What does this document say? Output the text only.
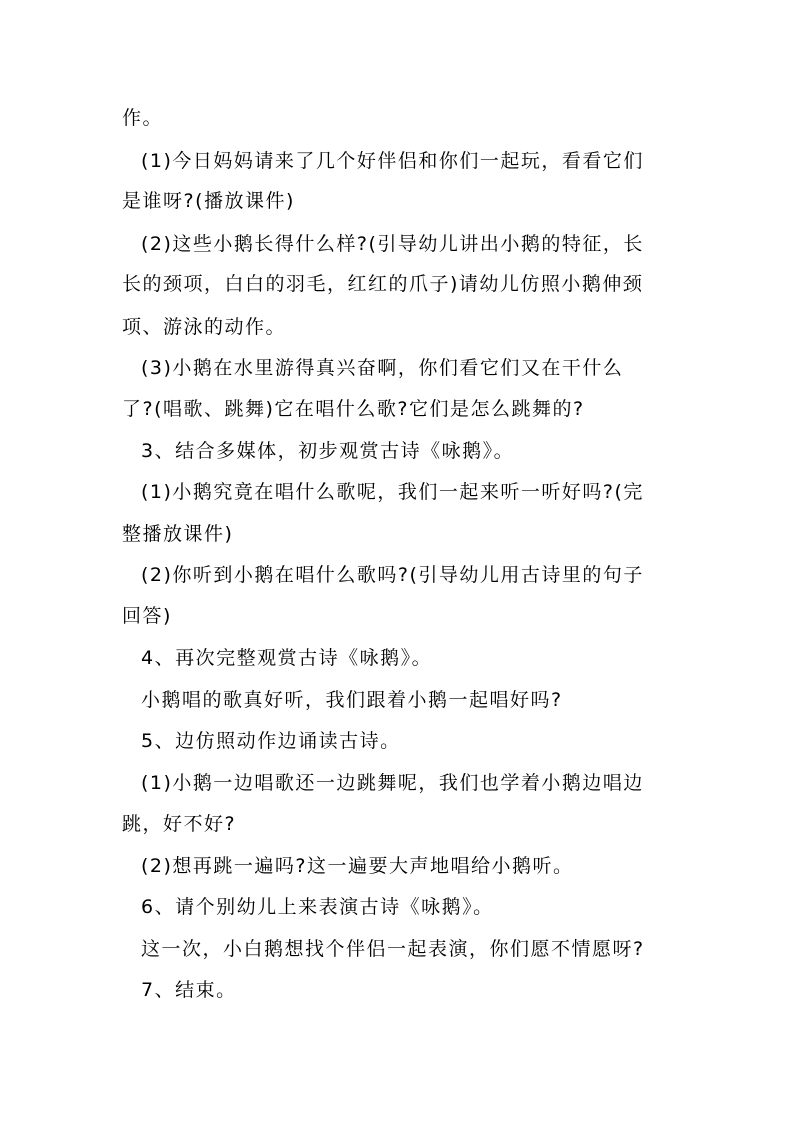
作。
(1)今日妈妈请来了几个好伴侣和你们一起玩，看看它们
是谁呀?(播放课件)
(2)这些小鹅长得什么样?(引导幼儿讲出小鹅的特征，长
长的颈项，白白的羽毛，红红的爪子)请幼儿仿照小鹅伸颈
项、游泳的动作。
(3)小鹅在水里游得真兴奋啊，你们看它们又在干什么
了?(唱歌、跳舞)它在唱什么歌?它们是怎么跳舞的?
3、结合多媒体，初步观赏古诗《咏鹅》。
(1)小鹅究竟在唱什么歌呢，我们一起来听一听好吗?(完
整播放课件)
(2)你听到小鹅在唱什么歌吗?(引导幼儿用古诗里的句子
回答)
4、再次完整观赏古诗《咏鹅》。
小鹅唱的歌真好听，我们跟着小鹅一起唱好吗?
5、边仿照动作边诵读古诗。
(1)小鹅一边唱歌还一边跳舞呢，我们也学着小鹅边唱边
跳，好不好?
(2)想再跳一遍吗?这一遍要大声地唱给小鹅听。
6、请个别幼儿上来表演古诗《咏鹅》。
这一次，小白鹅想找个伴侣一起表演，你们愿不情愿呀?
7、结束。
